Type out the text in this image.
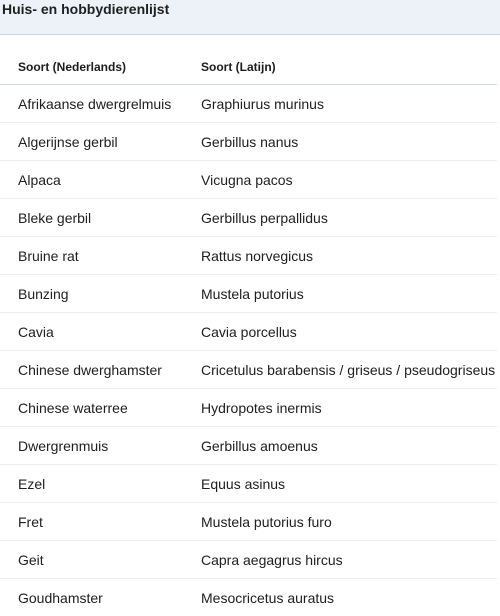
Huis- en hobbydierenlijst
Soort (Nederlands)	Soort (Latijn)
Afrikaanse dwergrelmuis	Graphiurus murinus
Algerijnse gerbil	Gerbillus nanus
Alpaca	Vicugna pacos
Bleke gerbil	Gerbillus perpallidus
Bruine rat	Rattus norvegicus
Bunzing	Mustela putorius
Cavia	Cavia porcellus
Chinese dwerghamster	Cricetulus barabensis / griseus / pseudogriseus
Chinese waterree	Hydropotes inermis
Dwergrenmuis	Gerbillus amoenus
Ezel	Equus asinus
Fret	Mustela putorius furo
Geit	Capra aegagrus hircus
Goudhamster	Mesocricetus auratus
